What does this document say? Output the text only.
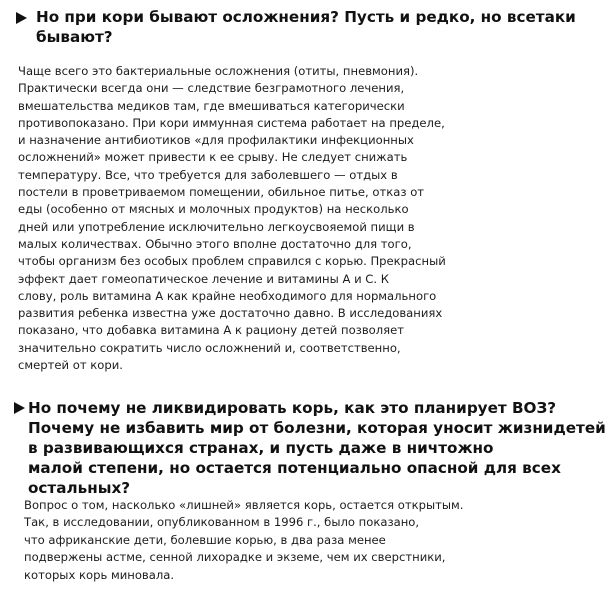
Но при кори бывают осложнения? Пусть и редко, но всетаки бывают?

Чаще всего это бактериальные осложнения (отиты, пневмония).
Практически всегда они — следствие безграмотного лечения,
вмешательства медиков там, где вмешиваться категорически
противопоказано. При кори иммунная система работает на пределе,
и назначение антибиотиков «для профилактики инфекционных
осложнений» может привести к ее срыву. Не следует снижать
температуру. Все, что требуется для заболевшего — отдых в
постели в проветриваемом помещении, обильное питье, отказ от
еды (особенно от мясных и молочных продуктов) на несколько
дней или употребление исключительно легкоусвояемой пищи в
малых количествах. Обычно этого вполне достаточно для того,
чтобы организм без особых проблем справился с корью. Прекрасный
эффект дает гомеопатическое лечение и витамины А и С. К
слову, роль витамина А как крайне необходимого для нормального
развития ребенка известна уже достаточно давно. В исследованиях
показано, что добавка витамина А к рациону детей позволяет
значительно сократить число осложнений и, соответственно,
смертей от кори.

Но почему не ликвидировать корь, как это планирует ВОЗ?
Почему не избавить мир от болезни, которая уносит жизнидетей
в развивающихся странах, и пусть даже в ничтожно
малой степени, но остается потенциально опасной для всех
остальных?

Вопрос о том, насколько «лишней» является корь, остается открытым.
Так, в исследовании, опубликованном в 1996 г., было показано,
что африканские дети, болевшие корью, в два раза менее
подвержены астме, сенной лихорадке и экземе, чем их сверстники,
которых корь миновала.
